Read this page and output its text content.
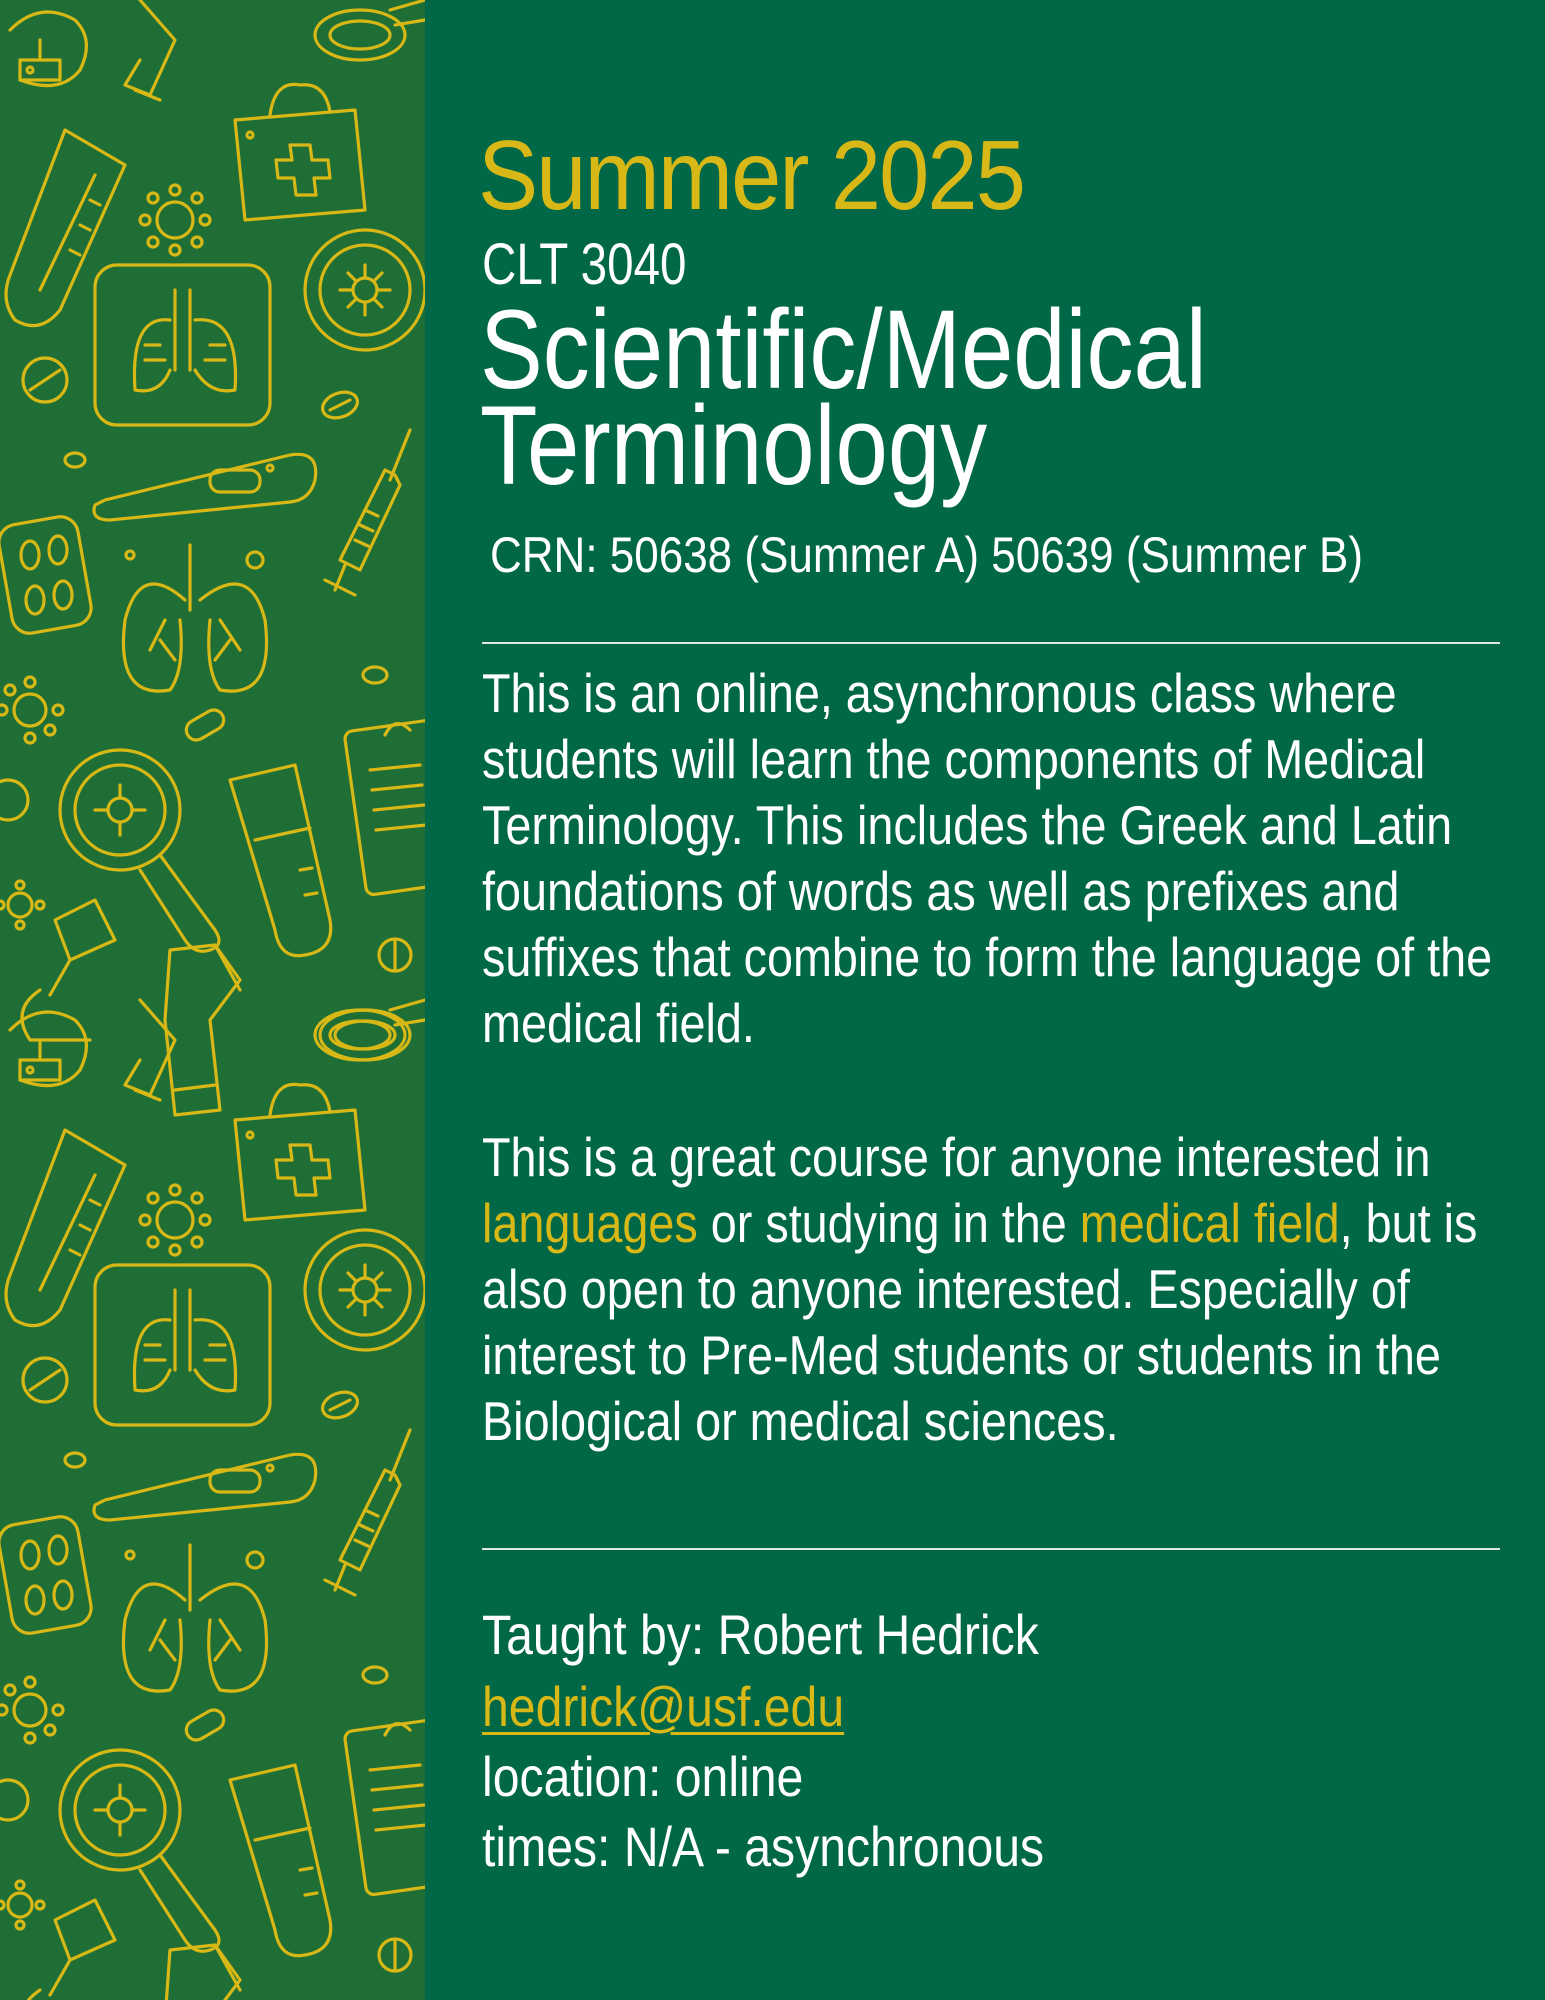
Summer 2025
CLT 3040
Scientific/Medical
Terminology
CRN: 50638 (Summer A) 50639 (Summer B)

This is an online, asynchronous class where students will learn the components of Medical Terminology. This includes the Greek and Latin foundations of words as well as prefixes and suffixes that combine to form the language of the medical field.

This is a great course for anyone interested in languages or studying in the medical field, but is also open to anyone interested. Especially of interest to Pre-Med students or students in the Biological or medical sciences.

Taught by: Robert Hedrick
hedrick@usf.edu
location: online
times: N/A - asynchronous
